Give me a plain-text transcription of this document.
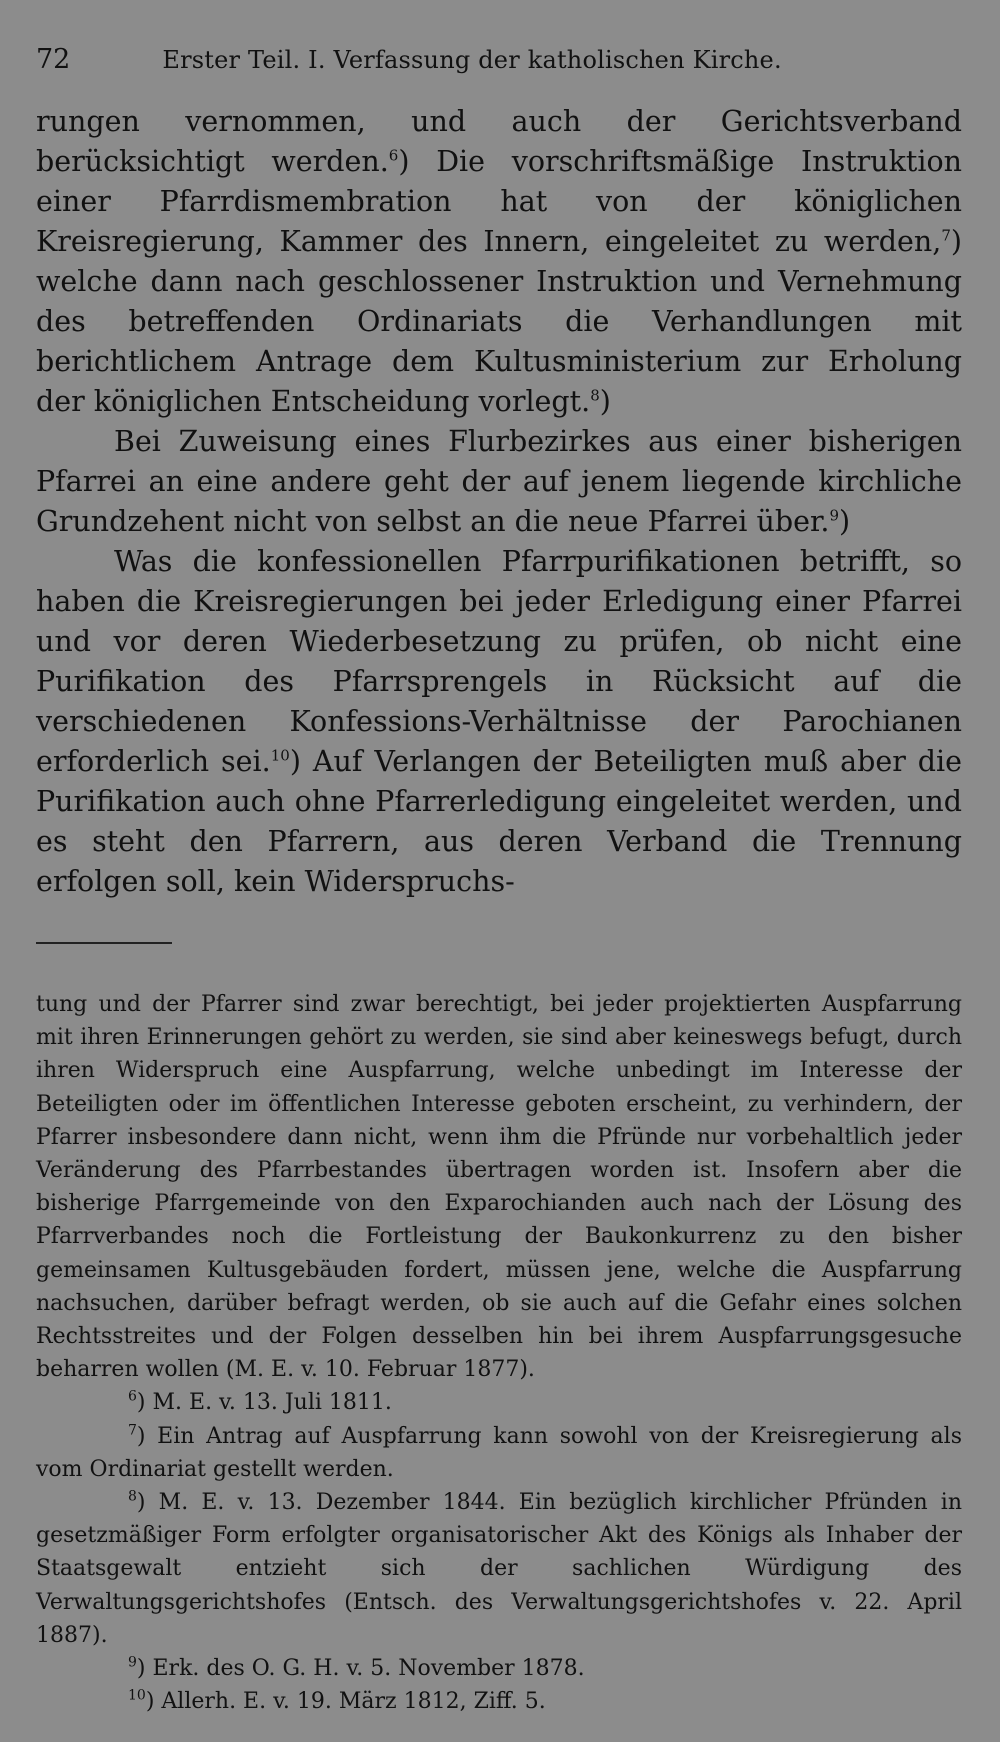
72	Erster Teil. I. Verfassung der katholischen Kirche.

rungen vernommen, und auch der Gerichtsverband berücksichtigt werden.$^6$) Die vorschriftsmäßige Instruktion einer Pfarrdismembration hat von der königlichen Kreisregierung, Kammer des Innern, eingeleitet zu werden,$^7$) welche dann nach geschlossener Instruktion und Vernehmung des betreffenden Ordinariats die Verhandlungen mit berichtlichem Antrage dem Kultusministerium zur Erholung der königlichen Entscheidung vorlegt.$^8$)

Bei Zuweisung eines Flurbezirkes aus einer bisherigen Pfarrei an eine andere geht der auf jenem liegende kirchliche Grundzehent nicht von selbst an die neue Pfarrei über.$^9$)

Was die konfessionellen Pfarrpurifikationen betrifft, so haben die Kreisregierungen bei jeder Erledigung einer Pfarrei und vor deren Wiederbesetzung zu prüfen, ob nicht eine Purifikation des Pfarrsprengels in Rücksicht auf die verschiedenen Konfessions-Verhältnisse der Parochianen erforderlich sei.$^{10}$) Auf Verlangen der Beteiligten muß aber die Purifikation auch ohne Pfarrerledigung eingeleitet werden, und es steht den Pfarrern, aus deren Verband die Trennung erfolgen soll, kein Widerspruchs-

tung und der Pfarrer sind zwar berechtigt, bei jeder projektierten Auspfarrung mit ihren Erinnerungen gehört zu werden, sie sind aber keineswegs befugt, durch ihren Widerspruch eine Auspfarrung, welche unbedingt im Interesse der Beteiligten oder im öffentlichen Interesse geboten erscheint, zu verhindern, der Pfarrer insbesondere dann nicht, wenn ihm die Pfründe nur vorbehaltlich jeder Veränderung des Pfarrbestandes übertragen worden ist. Insofern aber die bisherige Pfarrgemeinde von den Exparochianden auch nach der Lösung des Pfarrverbandes noch die Fortleistung der Baukonkurrenz zu den bisher gemeinsamen Kultusgebäuden fordert, müssen jene, welche die Auspfarrung nachsuchen, darüber befragt werden, ob sie auch auf die Gefahr eines solchen Rechtsstreites und der Folgen desselben hin bei ihrem Auspfarrungsgesuche beharren wollen (M. E. v. 10. Februar 1877).

$^6$) M. E. v. 13. Juli 1811.

$^7$) Ein Antrag auf Auspfarrung kann sowohl von der Kreisregierung als vom Ordinariat gestellt werden.

$^8$) M. E. v. 13. Dezember 1844. Ein bezüglich kirchlicher Pfründen in gesetzmäßiger Form erfolgter organisatorischer Akt des Königs als Inhaber der Staatsgewalt entzieht sich der sachlichen Würdigung des Verwaltungsgerichtshofes (Entsch. des Verwaltungsgerichtshofes v. 22. April 1887).

$^9$) Erk. des O. G. H. v. 5. November 1878.

$^{10}$) Allerh. E. v. 19. März 1812, Ziff. 5.
